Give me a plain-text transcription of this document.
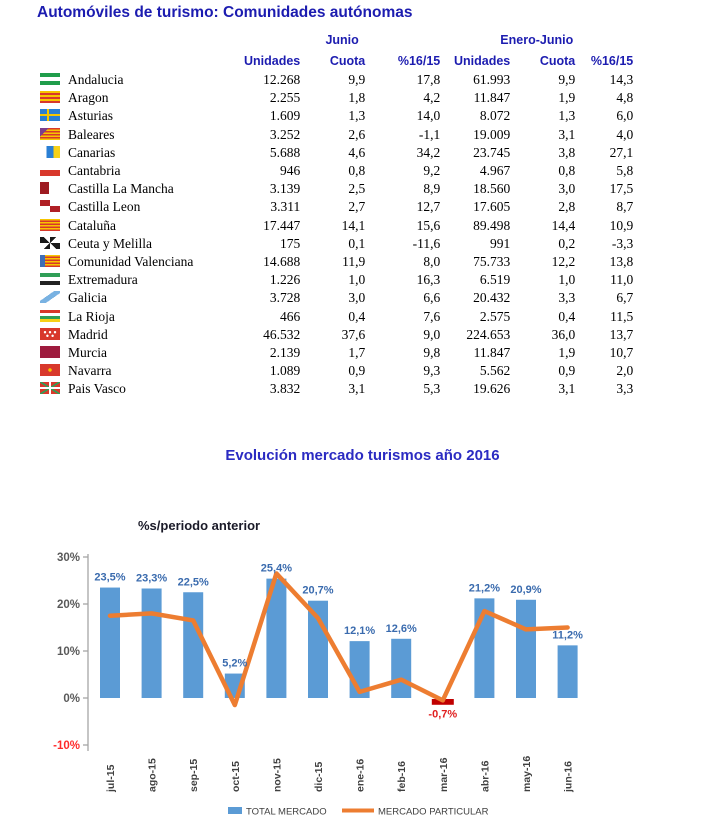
Automóviles de turismo: Comunidades autónomas
	Junio			Enero-Junio		
	Unidades	Cuota	%16/15	Unidades	Cuota	%16/15
Andalucia	12.268	9,9	17,8	61.993	9,9	14,3
Aragon	2.255	1,8	4,2	11.847	1,9	4,8
Asturias	1.609	1,3	14,0	8.072	1,3	6,0
Baleares	3.252	2,6	-1,1	19.009	3,1	4,0
Canarias	5.688	4,6	34,2	23.745	3,8	27,1
Cantabria	946	0,8	9,2	4.967	0,8	5,8
Castilla La Mancha	3.139	2,5	8,9	18.560	3,0	17,5
Castilla Leon	3.311	2,7	12,7	17.605	2,8	8,7
Cataluña	17.447	14,1	15,6	89.498	14,4	10,9
Ceuta y Melilla	175	0,1	-11,6	991	0,2	-3,3
Comunidad Valenciana	14.688	11,9	8,0	75.733	12,2	13,8
Extremadura	1.226	1,0	16,3	6.519	1,0	11,0
Galicia	3.728	3,0	6,6	20.432	3,3	6,7
La Rioja	466	0,4	7,6	2.575	0,4	11,5
Madrid	46.532	37,6	9,0	224.653	36,0	13,7
Murcia	2.139	1,7	9,8	11.847	1,9	10,7
Navarra	1.089	0,9	9,3	5.562	0,9	2,0
Pais Vasco	3.832	3,1	5,3	19.626	3,1	3,3
Evolución mercado turismos año 2016
%s/periodo anterior
30%
20%
10%
0%
-10%
23,5% 23,3% 22,5%
5,2%
25,4%
20,7%
12,1% 12,6%
-0,7%
21,2% 20,9%
11,2%
jul-15	ago-15	sep-15	oct-15	nov-15	dic-15	ene-16	feb-16	mar-16	abr-16	may-16	jun-16
TOTAL MERCADO	MERCADO PARTICULAR
